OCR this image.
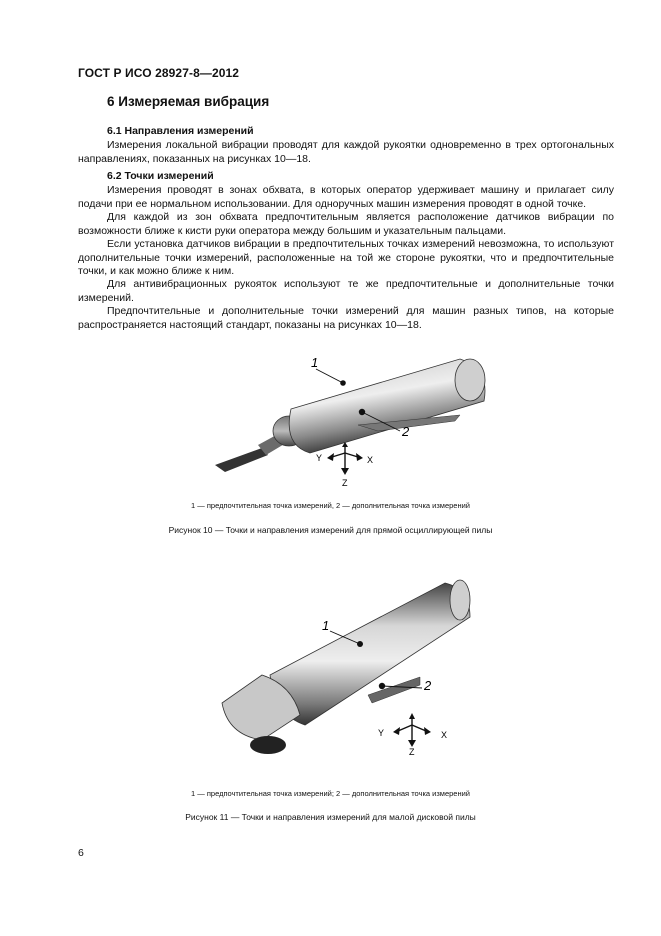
ГОСТ Р ИСО 28927-8—2012
6 Измеряемая вибрация
6.1 Направления измерений

Измерения локальной вибрации проводят для каждой рукоятки одновременно в трех ортогональных направлениях, показанных на рисунках 10—18.

6.2 Точки измерений

Измерения проводят в зонах обхвата, в которых оператор удерживает машину и прилагает силу подачи при ее нормальном использовании. Для одноручных машин измерения проводят в одной точке.

Для каждой из зон обхвата предпочтительным является расположение датчиков вибрации по возможности ближе к кисти руки оператора между большим и указательным пальцами.

Если установка датчиков вибрации в предпочтительных точках измерений невозможна, то используют дополнительные точки измерений, расположенные на той же стороне рукоятки, что и предпочтительные точки, и как можно ближе к ним.

Для антивибрационных рукояток используют те же предпочтительные и дополнительные точки измерений.

Предпочтительные и дополнительные точки измерений для машин разных типов, на которые распространяется настоящий стандарт, показаны на рисунках 10—18.

1
2
Y	X
Z
1 — предпочтительная точка измерений, 2 — дополнительная точка измерений
Рисунок 10 — Точки и направления измерений для прямой осциллирующей пилы
1
2
Y	X
Z
1 — предпочтительная точка измерений; 2 — дополнительная точка измерений
Рисунок 11 — Точки и направления измерений для малой дисковой пилы
6
